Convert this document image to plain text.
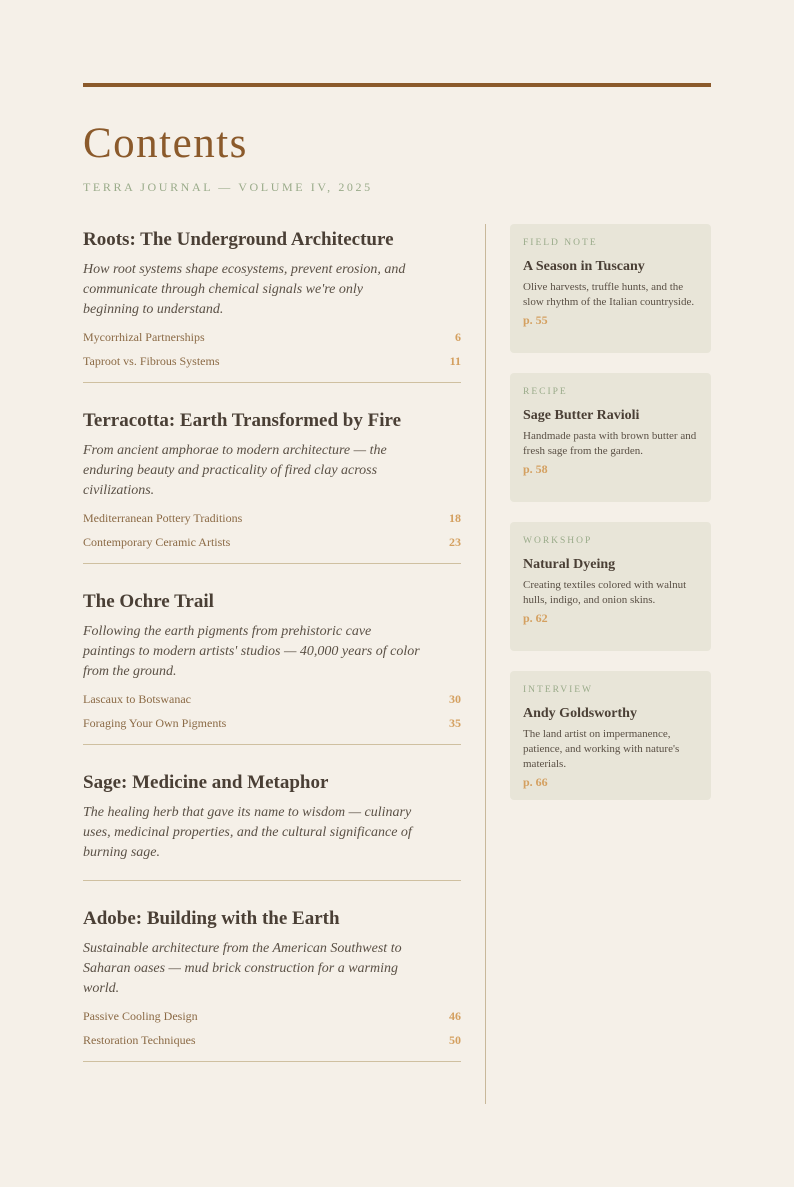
Contents
TERRA JOURNAL — VOLUME IV, 2025
Roots: The Underground Architecture

How root systems shape ecosystems, prevent erosion, and communicate through chemical signals we're only beginning to understand.

Mycorrhizal Partnerships	6
Taproot vs. Fibrous Systems	11
Terracotta: Earth Transformed by Fire

From ancient amphorae to modern architecture — the enduring beauty and practicality of fired clay across civilizations.

Mediterranean Pottery Traditions	18
Contemporary Ceramic Artists	23
The Ochre Trail

Following the earth pigments from prehistoric cave paintings to modern artists' studios — 40,000 years of color from the ground.

Lascaux to Botswanac	30
Foraging Your Own Pigments	35
Sage: Medicine and Metaphor

The healing herb that gave its name to wisdom — culinary uses, medicinal properties, and the cultural significance of burning sage.

Adobe: Building with the Earth

Sustainable architecture from the American Southwest to Saharan oases — mud brick construction for a warming world.

Passive Cooling Design	46
Restoration Techniques	50
FIELD NOTE
A Season in Tuscany
Olive harvests, truffle hunts, and the slow rhythm of the Italian countryside.
p. 55
RECIPE
Sage Butter Ravioli
Handmade pasta with brown butter and fresh sage from the garden.
p. 58
WORKSHOP
Natural Dyeing
Creating textiles colored with walnut hulls, indigo, and onion skins.
p. 62
INTERVIEW
Andy Goldsworthy
The land artist on impermanence, patience, and working with nature's materials.
p. 66
